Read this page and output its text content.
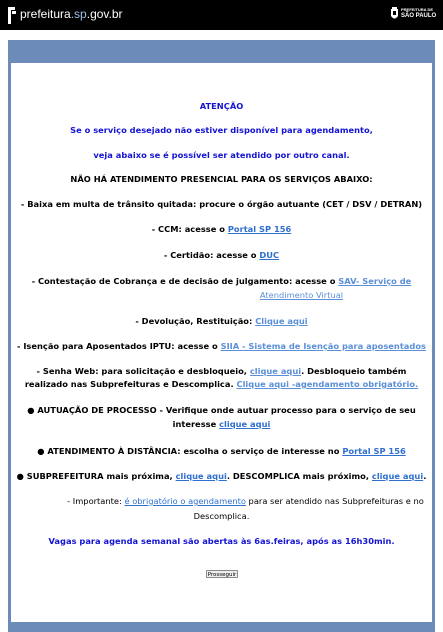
prefeitura.sp.gov.br	PREFEITURA DE
SÃO PAULO
ATENÇÃO
Se o serviço desejado não estiver disponível para agendamento,
veja abaixo se é possível ser atendido por outro canal.
NÃO HÁ ATENDIMENTO PRESENCIAL PARA OS SERVIÇOS ABAIXO:
- Baixa em multa de trânsito quitada: procure o órgão autuante (CET / DSV / DETRAN)
- CCM: acesse o Portal SP 156
- Certidão: acesse o DUC
- Contestação de Cobrança e de decisão de julgamento: acesse o SAV- Serviço de
Atendimento Virtual
- Devolução, Restituição: Clique aqui
- Isenção para Aposentados IPTU: acesse o SIIA - Sistema de Isenção para aposentados
- Senha Web: para solicitação e desbloqueio, clique aqui. Desbloqueio também
realizado nas Subprefeituras e Descomplica. Clique aqui -agendamento obrigatório.
● AUTUAÇÃO DE PROCESSO - Verifique onde autuar processo para o serviço de seu
interesse clique aqui
● ATENDIMENTO À DISTÂNCIA: escolha o serviço de interesse no Portal SP 156
● SUBPREFEITURA mais próxima, clique aqui. DESCOMPLICA mais próximo, clique aqui.
- Importante: é obrigatório o agendamento para ser atendido nas Subprefeituras e no
Descomplica.
Vagas para agenda semanal são abertas às 6as.feiras, após as 16h30min.
Prosseguir
